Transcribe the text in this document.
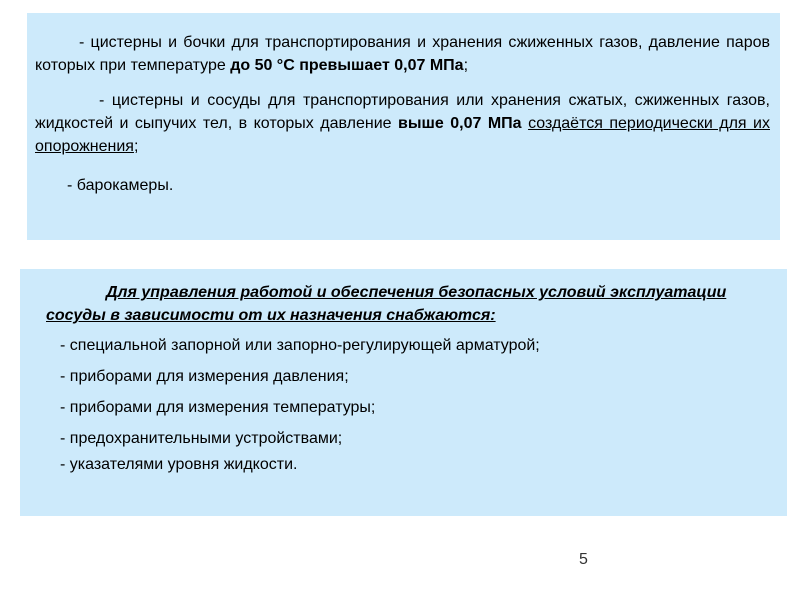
- цистерны и бочки для транспортирования и хранения сжиженных газов, давление паров которых при температуре до 50 °С превышает 0,07 МПа;

- цистерны и сосуды для транспортирования или хранения сжатых, сжиженных газов, жидкостей и сыпучих тел, в которых давление выше 0,07 МПа создаётся периодически для их опорожнения;

- барокамеры.

Для управления работой и обеспечения безопасных условий эксплуатации сосуды в зависимости от их назначения снабжаются:

- специальной запорной или запорно-регулирующей арматурой;

- приборами для измерения давления;

- приборами для измерения температуры;

- предохранительными устройствами;

- указателями уровня жидкости.

5
